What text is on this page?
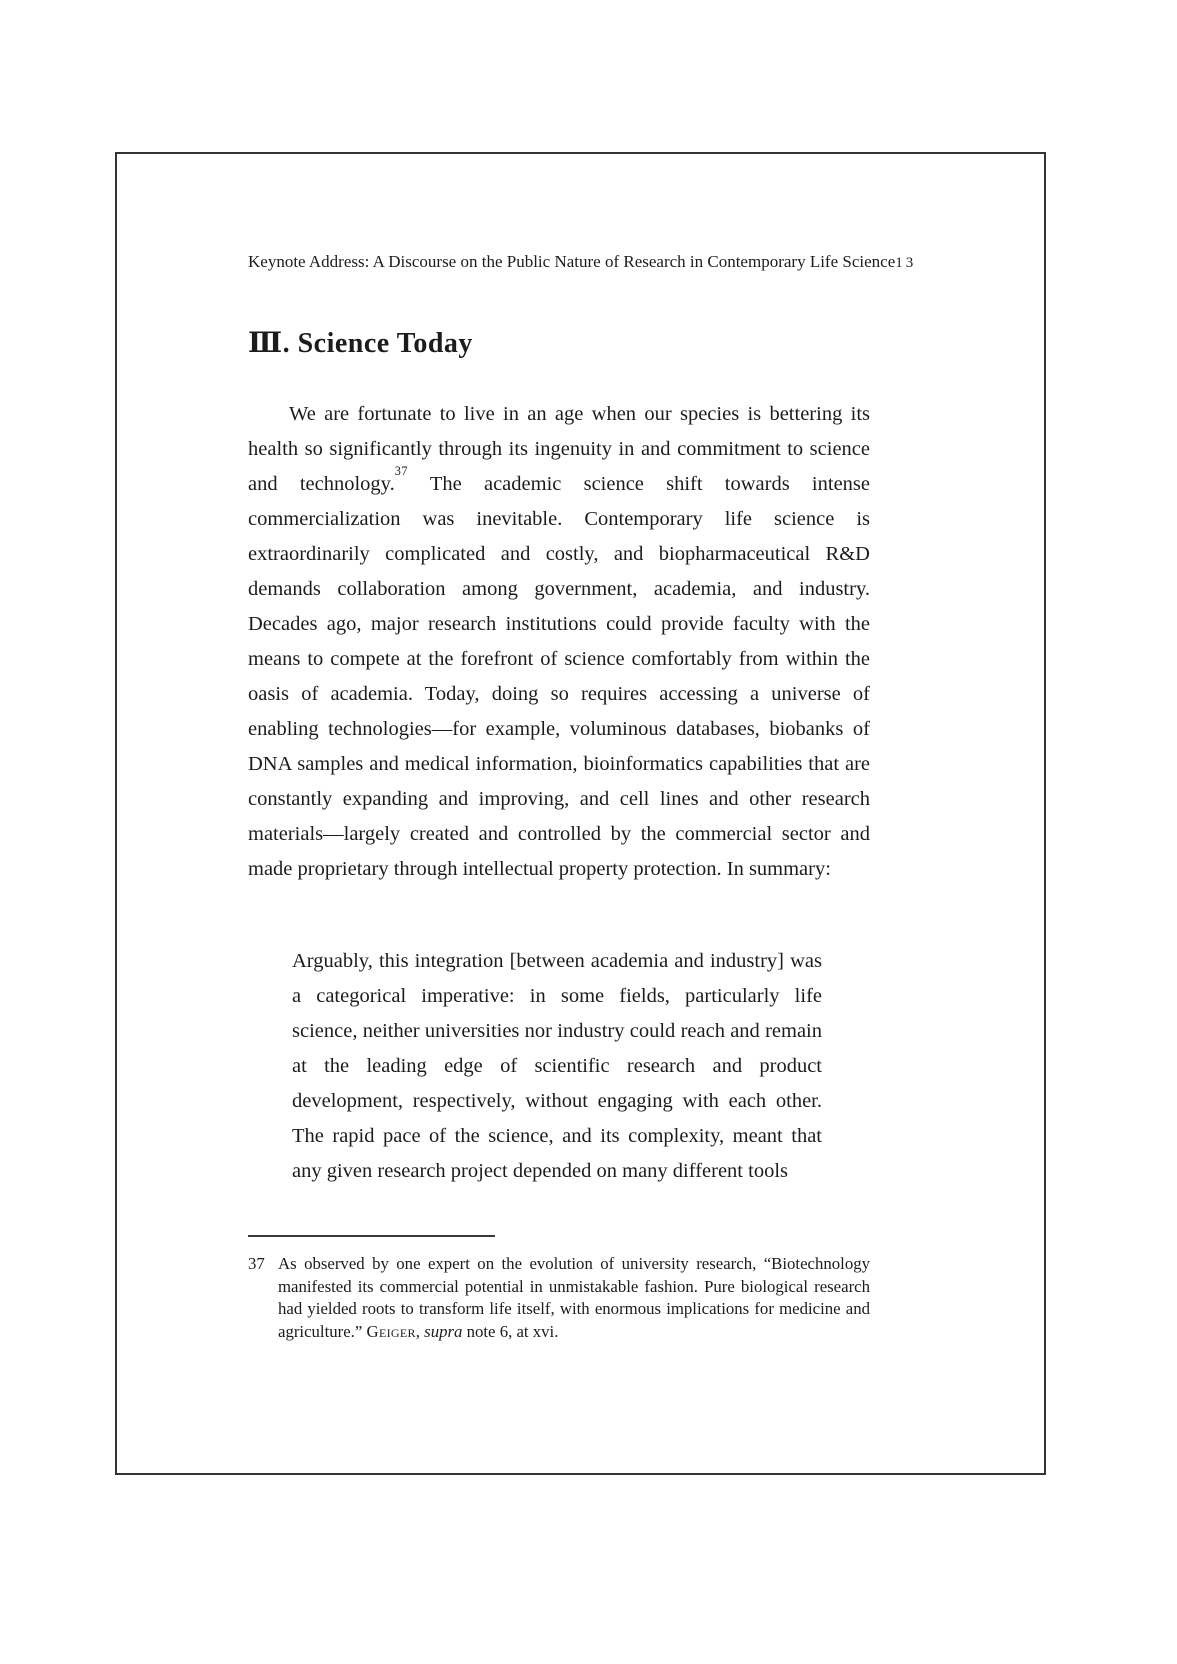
Keynote Address: A Discourse on the Public Nature of Research in Contemporary Life Science 13
Ⅲ. Science Today

We are fortunate to live in an age when our species is bettering its health so significantly through its ingenuity in and commitment to science and technology.$^{37}$ The academic science shift towards intense commercialization was inevitable. Contemporary life science is extraordinarily complicated and costly, and biopharmaceutical R&D demands collaboration among government, academia, and industry. Decades ago, major research institutions could provide faculty with the means to compete at the forefront of science comfortably from within the oasis of academia. Today, doing so requires accessing a universe of enabling technologies—for example, voluminous databases, biobanks of DNA samples and medical information, bioinformatics capabilities that are constantly expanding and improving, and cell lines and other research materials—largely created and controlled by the commercial sector and made proprietary through intellectual property protection. In summary:

Arguably, this integration [between academia and industry] was a categorical imperative: in some fields, particularly life science, neither universities nor industry could reach and remain at the leading edge of scientific research and product development, respectively, without engaging with each other. The rapid pace of the science, and its complexity, meant that any given research project depended on many different tools
37 As observed by one expert on the evolution of university research, “Biotechnology manifested its commercial potential in unmistakable fashion. Pure biological research had yielded roots to transform life itself, with enormous implications for medicine and agriculture.” Geiger, supra note 6, at xvi.
